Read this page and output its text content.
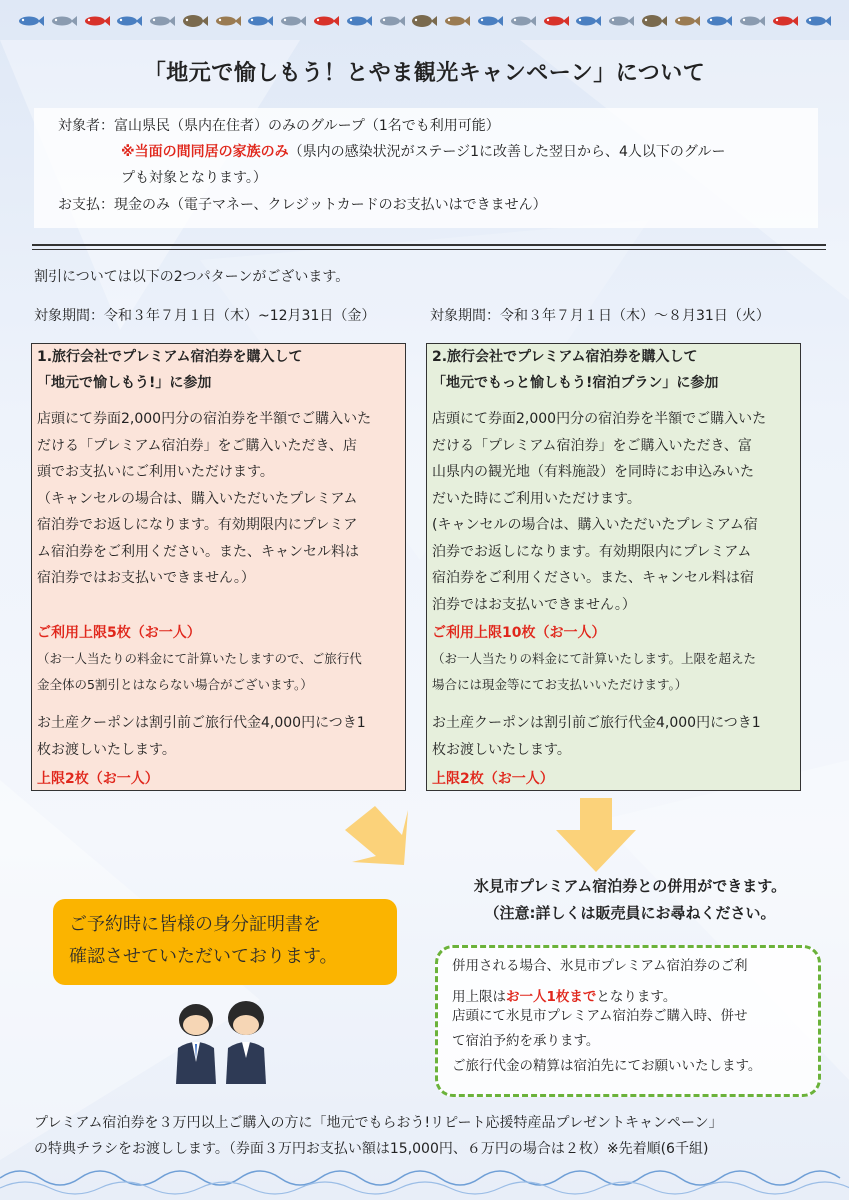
「地元で愉しもう！とやま観光キャンペーン」について
対象者：富山県民（県内在住者）のみのグループ（1名でも利用可能）
※当面の間同居の家族のみ（県内の感染状況がステージ1に改善した翌日から、4人以下のグルー
プも対象となります。）
お支払：現金のみ（電子マネー、クレジットカードのお支払いはできません）
割引については以下の2つパターンがございます。
対象期間：令和３年７月１日（木）~12月31日（金）	対象期間：令和３年７月１日（木）～８月31日（火）
1.旅行会社でプレミアム宿泊券を購入して
「地元で愉しもう!」に参加
店頭にて券面2,000円分の宿泊券を半額でご購入いた
だける「プレミアム宿泊券」をご購入いただき、店
頭でお支払いにご利用いただけます。
（キャンセルの場合は、購入いただいたプレミアム
宿泊券でお返しになります。有効期限内にプレミア
ム宿泊券をご利用ください。また、キャンセル料は
宿泊券ではお支払いできません。）
ご利用上限5枚（お一人）
（お一人当たりの料金にて計算いたしますので、ご旅行代
金全体の5割引とはならない場合がございます。）
お土産クーポンは割引前ご旅行代金4,000円につき1
枚お渡しいたします。
上限2枚（お一人）
2.旅行会社でプレミアム宿泊券を購入して
「地元でもっと愉しもう!宿泊プラン」に参加
店頭にて券面2,000円分の宿泊券を半額でご購入いた
だける「プレミアム宿泊券」をご購入いただき、富
山県内の観光地（有料施設）を同時にお申込みいた
だいた時にご利用いただけます。
(キャンセルの場合は、購入いただいたプレミアム宿
泊券でお返しになります。有効期限内にプレミアム
宿泊券をご利用ください。また、キャンセル料は宿
泊券ではお支払いできません。）
ご利用上限10枚（お一人）
（お一人当たりの料金にて計算いたします。上限を超えた
場合には現金等にてお支払いいただけます。）
お土産クーポンは割引前ご旅行代金4,000円につき1
枚お渡しいたします。
上限2枚（お一人）
氷見市プレミアム宿泊券との併用ができます。
（注意:詳しくは販売員にお尋ねください。
ご予約時に皆様の身分証明書を
確認させていただいております。	併用される場合、氷見市プレミアム宿泊券のご利
用上限はお一人1枚までとなります。
店頭にて氷見市プレミアム宿泊券ご購入時、併せ
て宿泊予約を承ります。
ご旅行代金の精算は宿泊先にてお願いいたします。
プレミアム宿泊券を３万円以上ご購入の方に「地元でもらおう!リピート応援特産品プレゼントキャンペーン」
の特典チラシをお渡しします。（券面３万円お支払い額は15,000円、６万円の場合は２枚）※先着順(6千組)
